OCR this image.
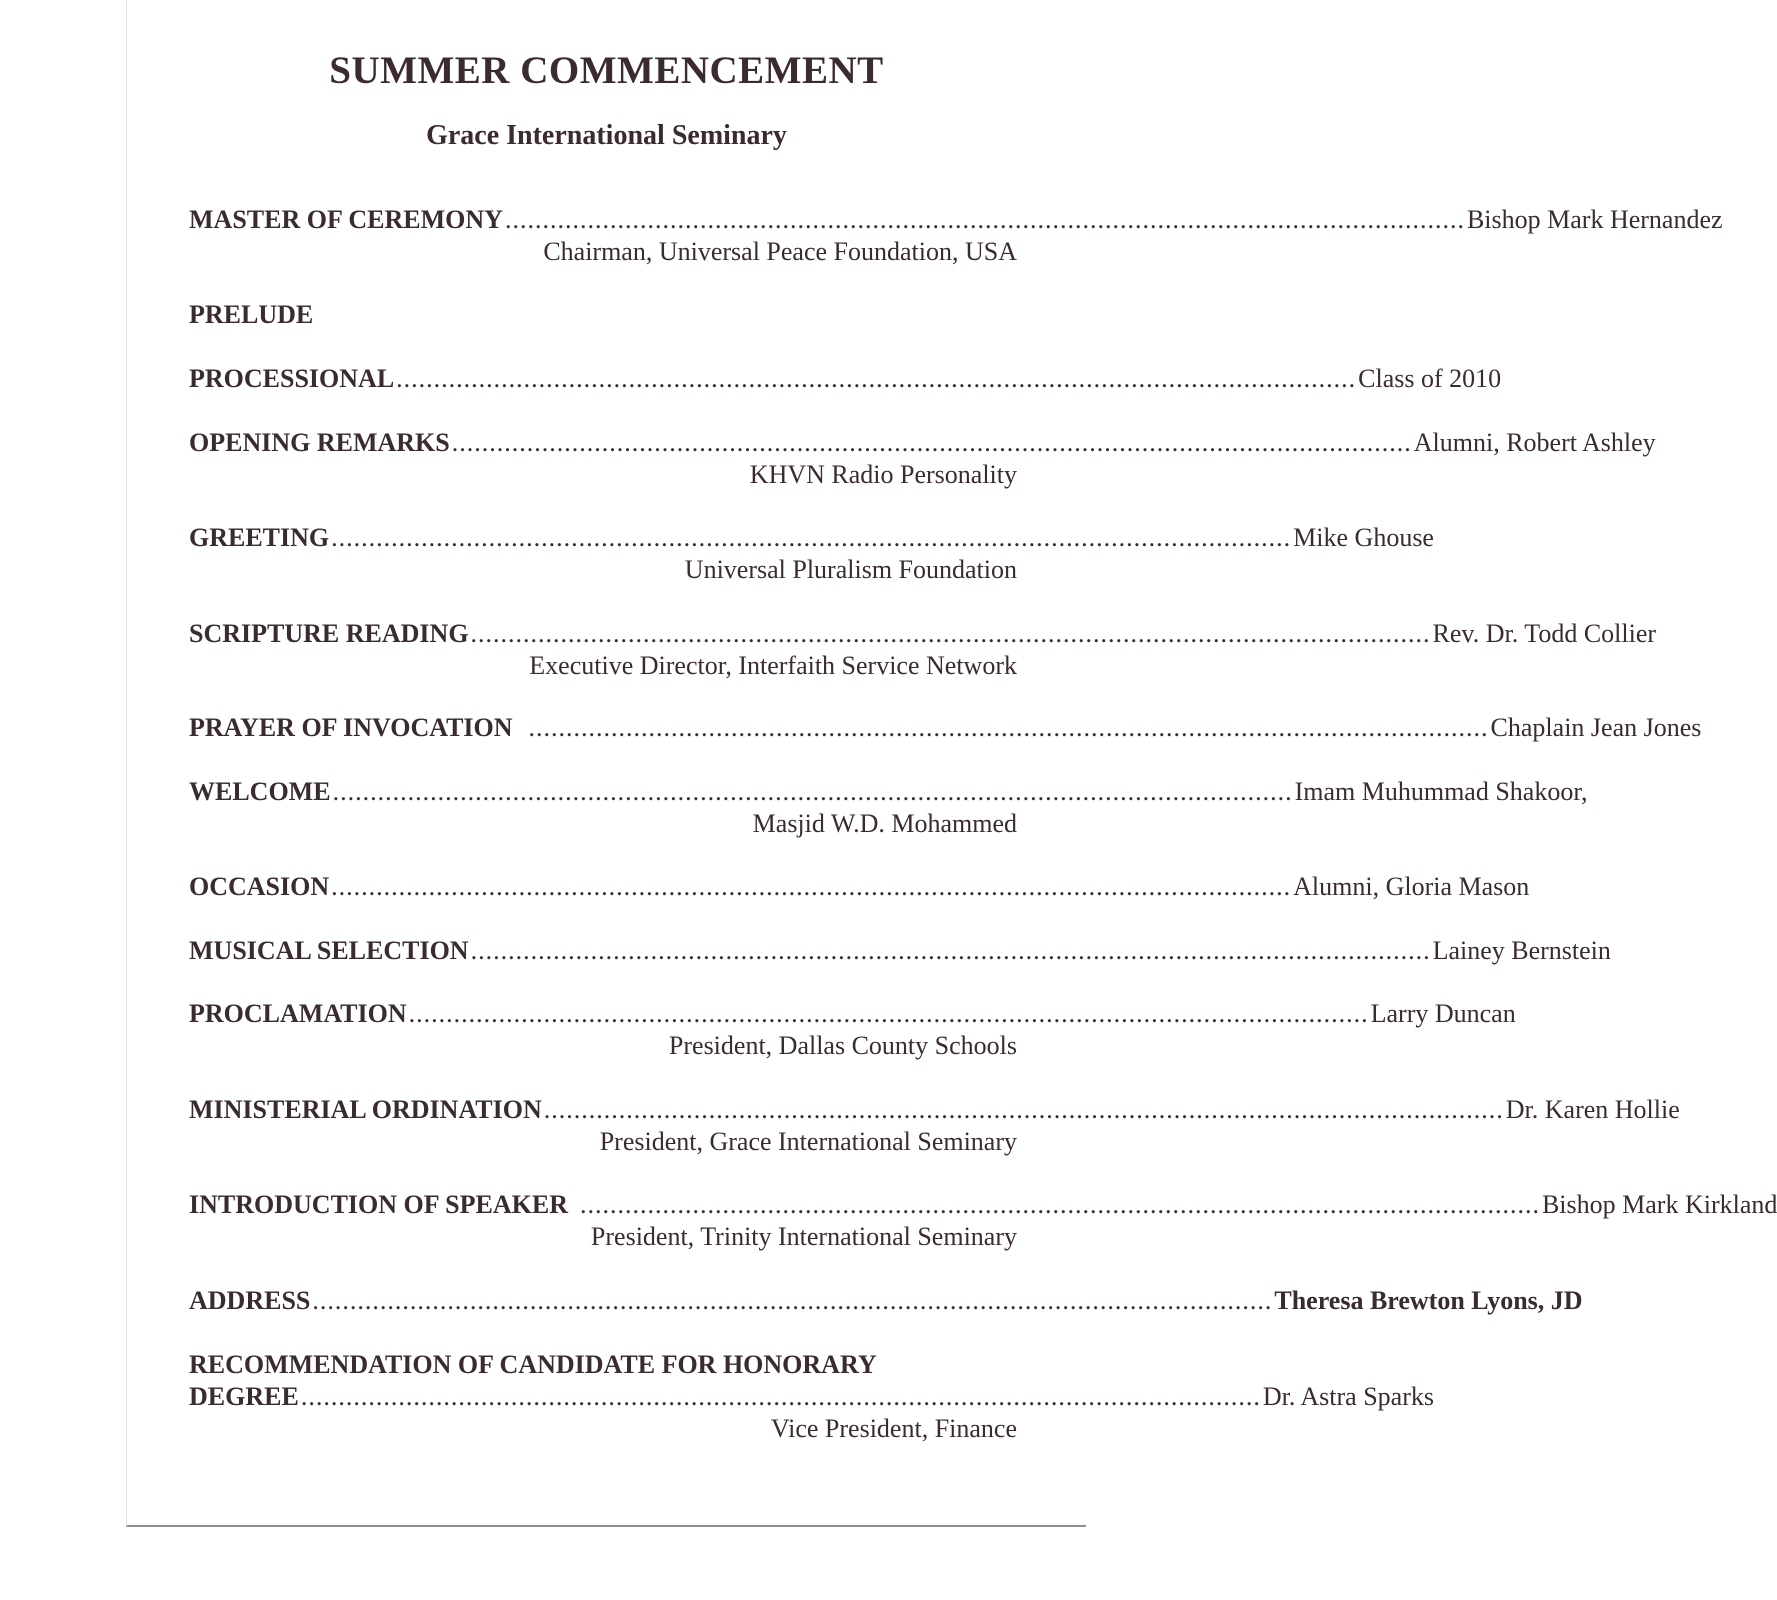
SUMMER COMMENCEMENT
Grace International Seminary
MASTER OF CEREMONY ................................................................................................................................ Bishop Mark Hernandez
Chairman, Universal Peace Foundation, USA
PRELUDE
PROCESSIONAL ................................................................................................................................ Class of 2010
OPENING REMARKS ................................................................................................................................ Alumni, Robert Ashley
KHVN Radio Personality
GREETING ................................................................................................................................ Mike Ghouse
Universal Pluralism Foundation
SCRIPTURE READING ................................................................................................................................ Rev. Dr. Todd Collier
Executive Director, Interfaith Service Network
PRAYER OF INVOCATION ................................................................................................................................ Chaplain Jean Jones
WELCOME ................................................................................................................................ Imam Muhummad Shakoor,
Masjid W.D. Mohammed
OCCASION ................................................................................................................................ Alumni, Gloria Mason
MUSICAL SELECTION ................................................................................................................................ Lainey Bernstein
PROCLAMATION ................................................................................................................................ Larry Duncan
President, Dallas County Schools
MINISTERIAL ORDINATION ................................................................................................................................ Dr. Karen Hollie
President, Grace International Seminary
INTRODUCTION OF SPEAKER ................................................................................................................................ Bishop Mark Kirkland
President, Trinity International Seminary
ADDRESS ................................................................................................................................ Theresa Brewton Lyons, JD
RECOMMENDATION OF CANDIDATE FOR HONORARY
DEGREE ................................................................................................................................ Dr. Astra Sparks
Vice President, Finance
